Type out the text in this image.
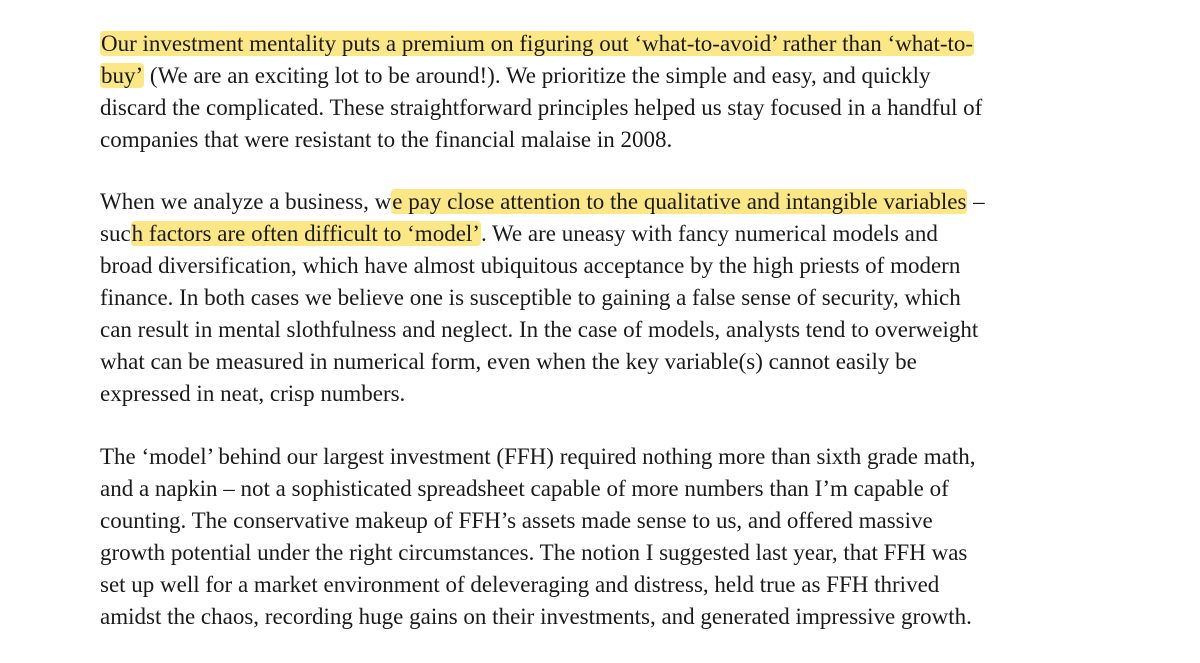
Our investment mentality puts a premium on figuring out ‘what-to-avoid’ rather than ‘what-to-
buy’ (We are an exciting lot to be around!). We prioritize the simple and easy, and quickly
discard the complicated. These straightforward principles helped us stay focused in a handful of
companies that were resistant to the financial malaise in 2008.
When we analyze a business, we pay close attention to the qualitative and intangible variables –
such factors are often difficult to ‘model’. We are uneasy with fancy numerical models and
broad diversification, which have almost ubiquitous acceptance by the high priests of modern
finance. In both cases we believe one is susceptible to gaining a false sense of security, which
can result in mental slothfulness and neglect. In the case of models, analysts tend to overweight
what can be measured in numerical form, even when the key variable(s) cannot easily be
expressed in neat, crisp numbers.
The ‘model’ behind our largest investment (FFH) required nothing more than sixth grade math,
and a napkin – not a sophisticated spreadsheet capable of more numbers than I’m capable of
counting. The conservative makeup of FFH’s assets made sense to us, and offered massive
growth potential under the right circumstances. The notion I suggested last year, that FFH was
set up well for a market environment of deleveraging and distress, held true as FFH thrived
amidst the chaos, recording huge gains on their investments, and generated impressive growth.
